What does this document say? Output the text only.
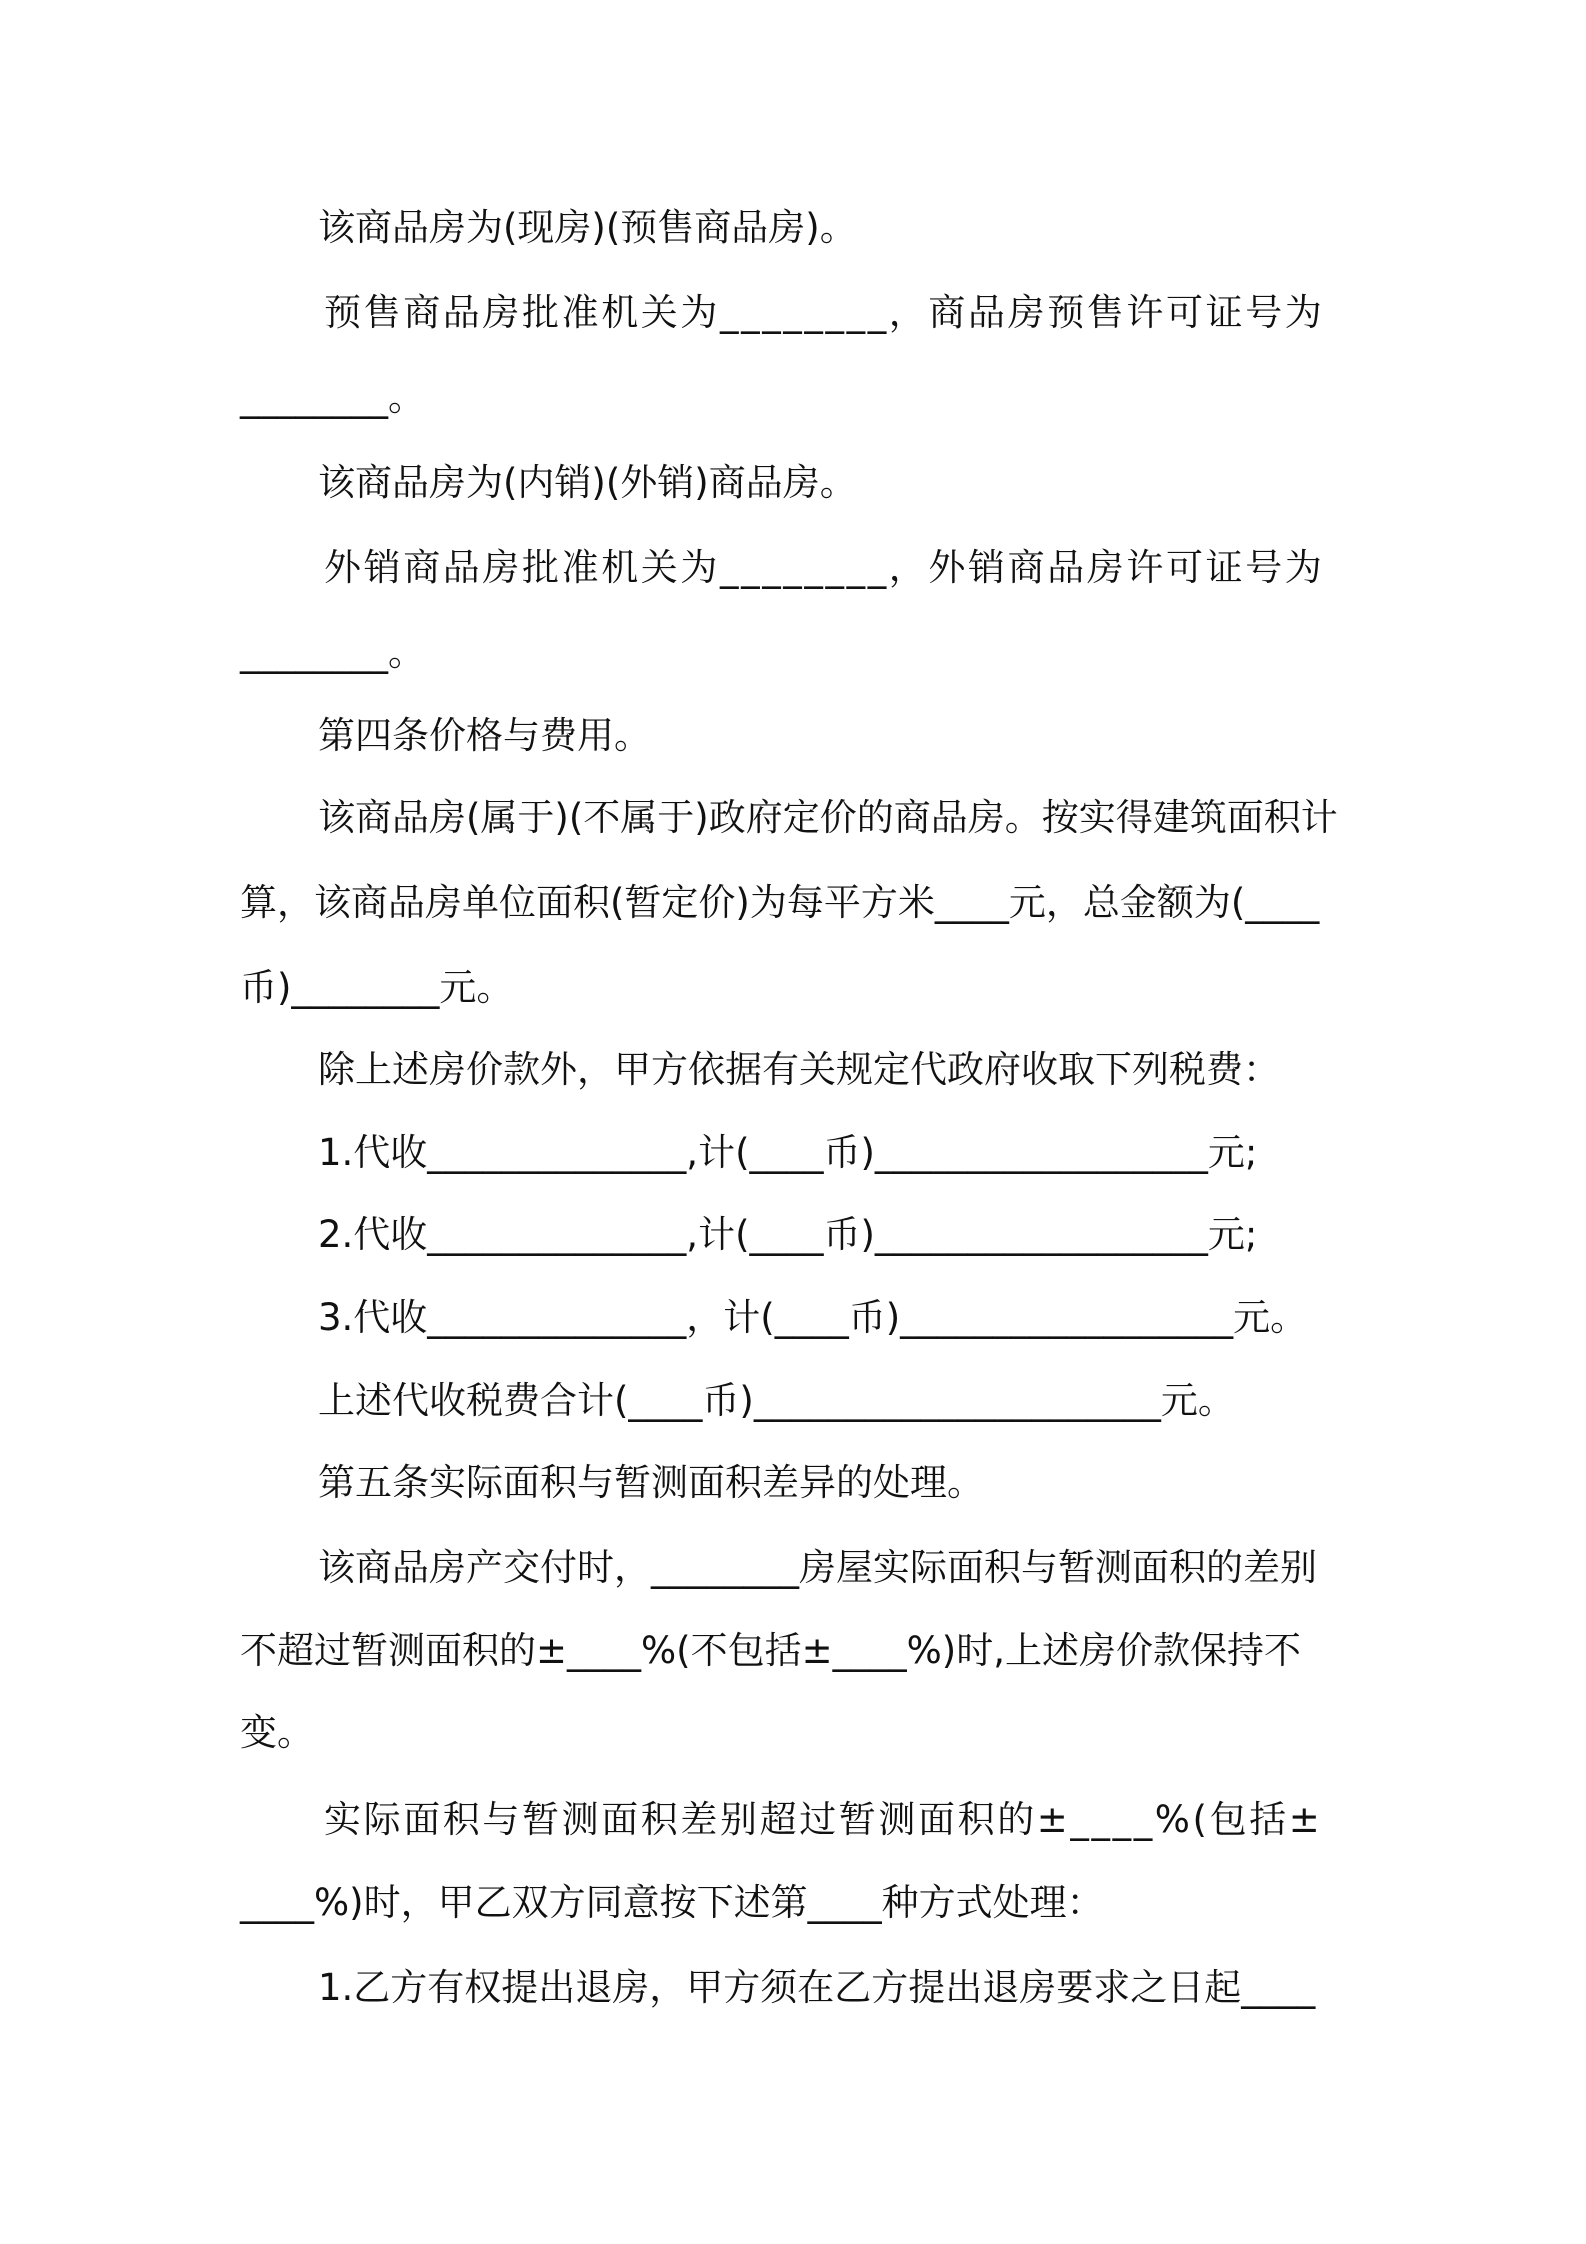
该商品房为(现房)(预售商品房)。

预售商品房批准机关为________，商品房预售许可证号为

________。

该商品房为(内销)(外销)商品房。

外销商品房批准机关为________，外销商品房许可证号为

________。

第四条价格与费用。

该商品房(属于)(不属于)政府定价的商品房。按实得建筑面积计

算，该商品房单位面积(暂定价)为每平方米____元，总金额为(____

币)________元。

除上述房价款外，甲方依据有关规定代政府收取下列税费：

1.代收______________,计(____币)__________________元;

2.代收______________,计(____币)__________________元;

3.代收______________，计(____币)__________________元。

上述代收税费合计(____币)______________________元。

第五条实际面积与暂测面积差异的处理。

该商品房产交付时，________房屋实际面积与暂测面积的差别

不超过暂测面积的±____%(不包括±____%)时,上述房价款保持不

变。

实际面积与暂测面积差别超过暂测面积的±____%(包括±

____%)时，甲乙双方同意按下述第____种方式处理：

1.乙方有权提出退房，甲方须在乙方提出退房要求之日起____
